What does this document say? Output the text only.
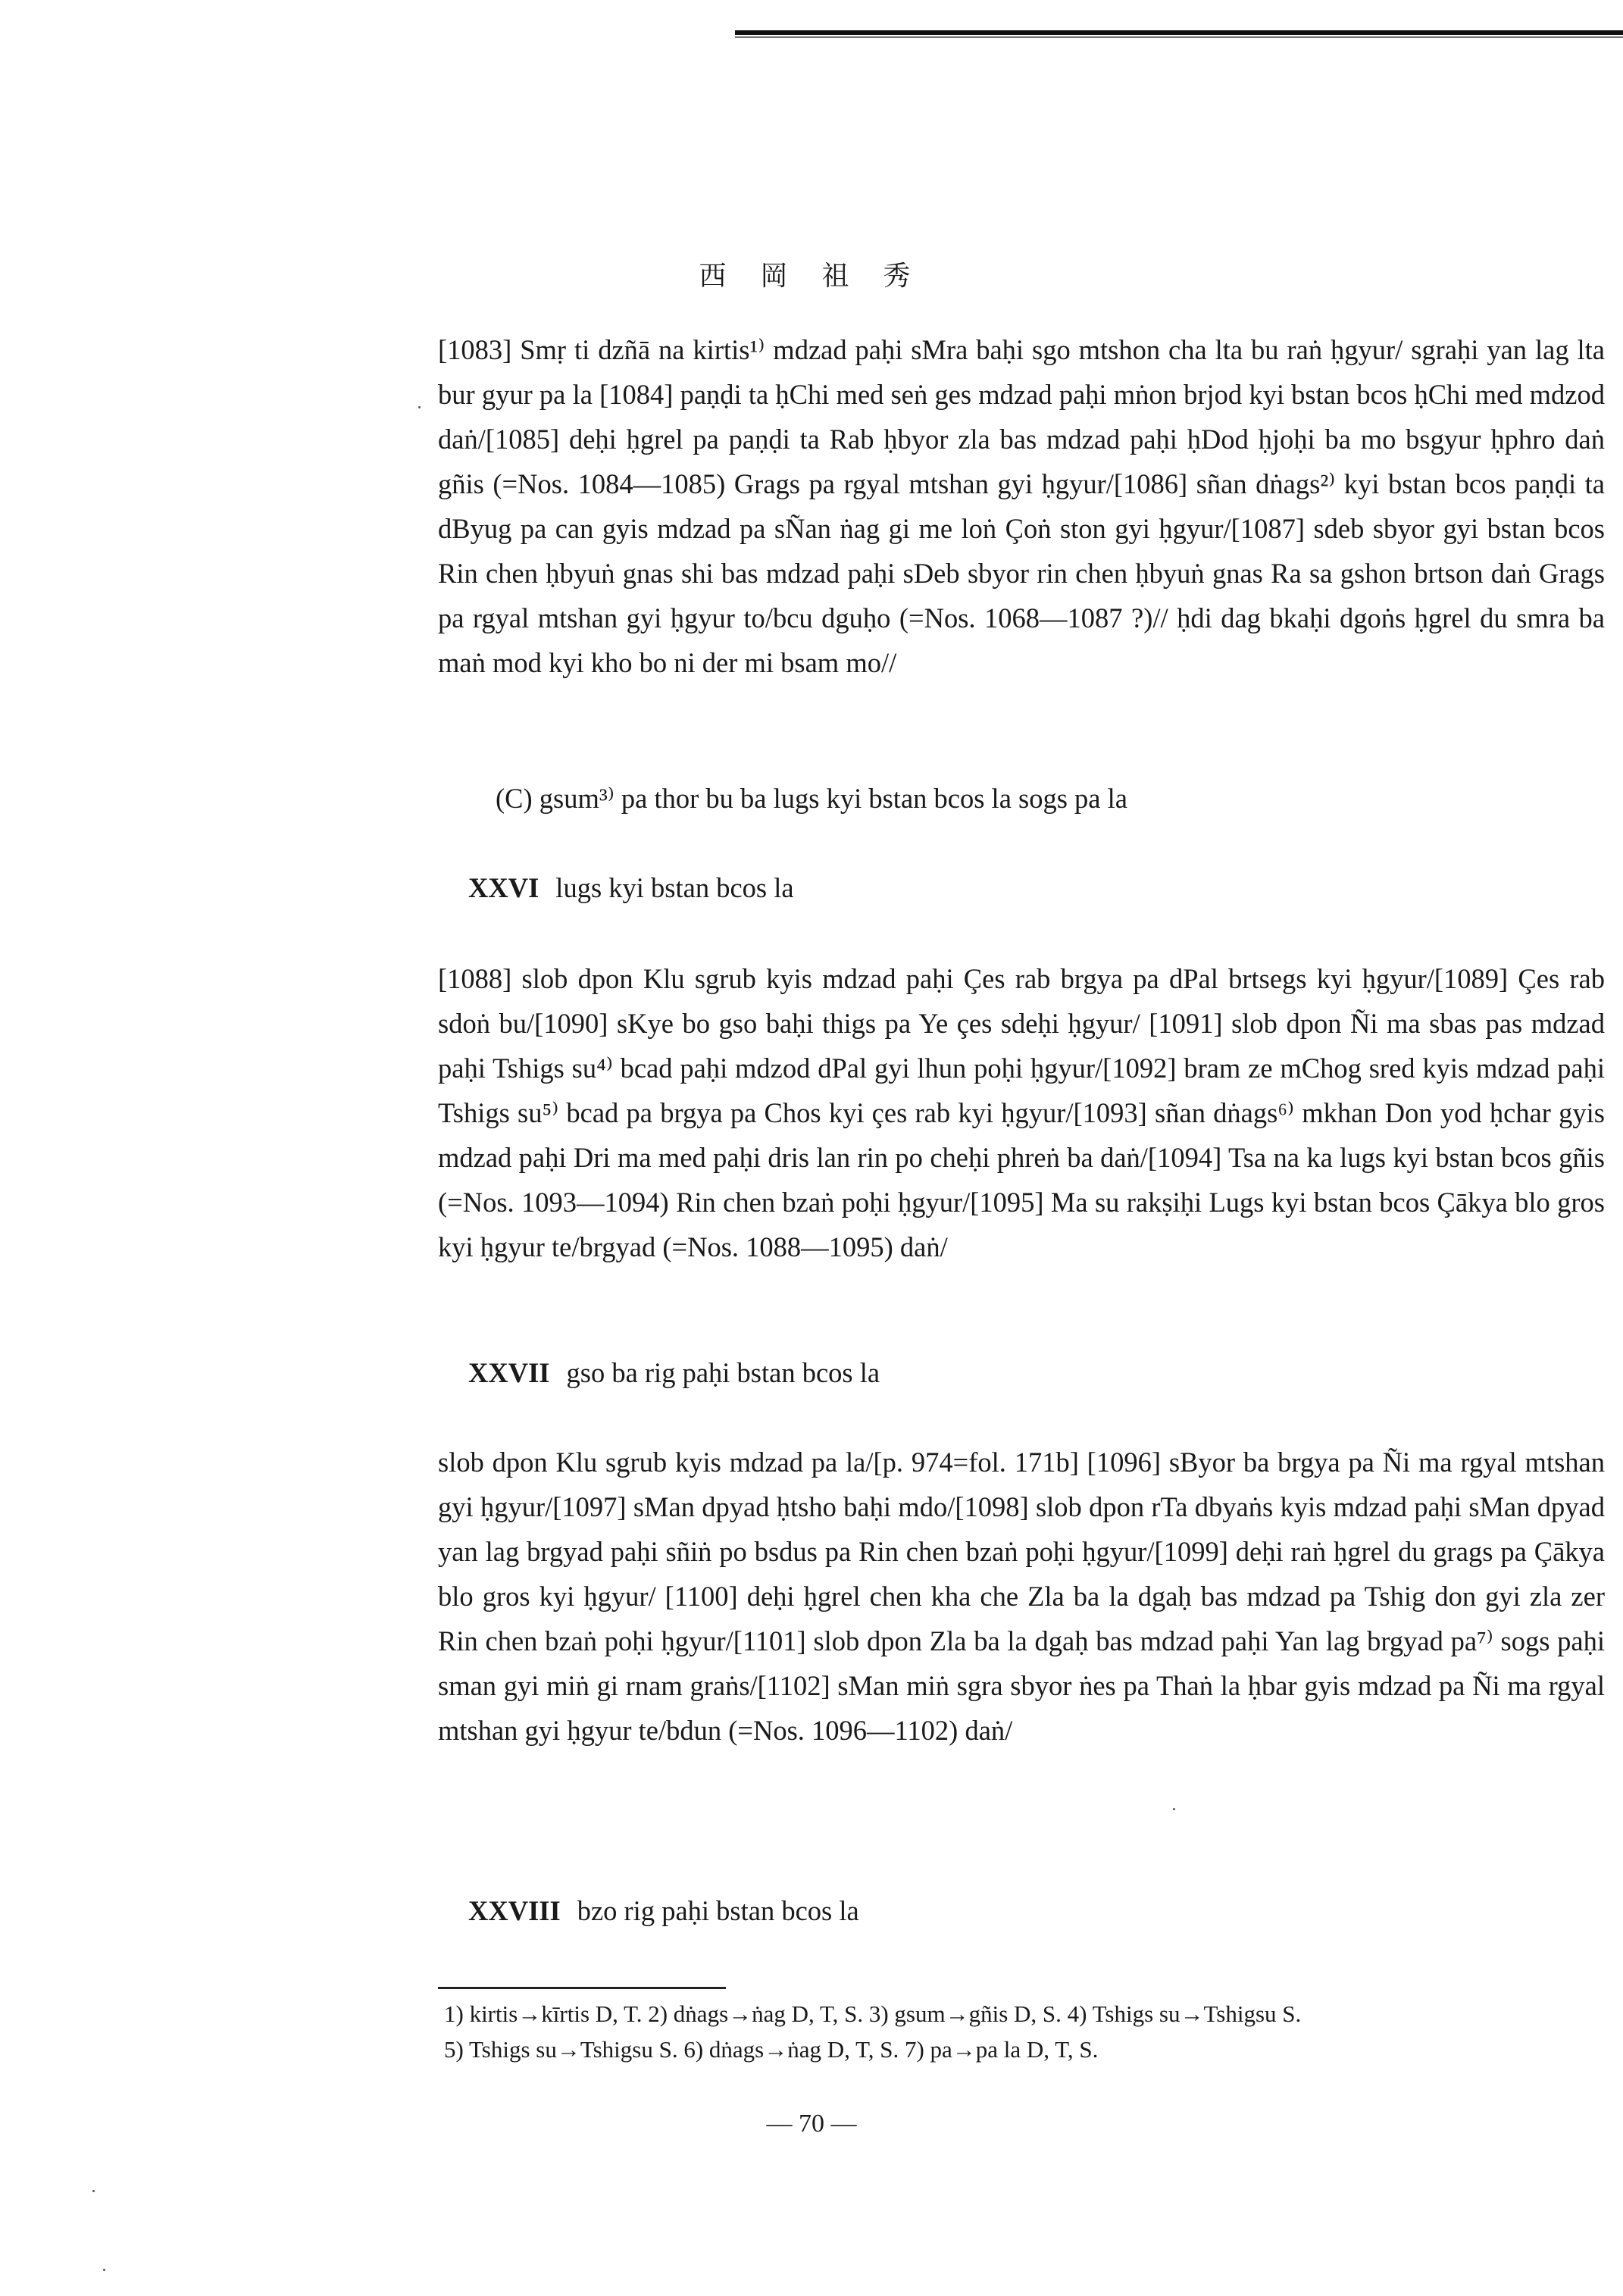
西 岡 祖 秀

[1083] Smṛ ti dzñā na kirtis¹⁾ mdzad paḥi sMra baḥi sgo mtshon cha lta bu raṅ ḥgyur/ sgraḥi yan lag lta bur gyur pa la [1084] paṇḍi ta ḥChi med seṅ ges mdzad paḥi mṅon brjod kyi bstan bcos ḥChi med mdzod daṅ/[1085] deḥi ḥgrel pa paṇḍi ta Rab ḥbyor zla bas mdzad paḥi ḥDod ḥjoḥi ba mo bsgyur ḥphro daṅ gñis (=Nos. 1084—1085) Grags pa rgyal mtshan gyi ḥgyur/[1086] sñan dṅags²⁾ kyi bstan bcos paṇḍi ta dByug pa can gyis mdzad pa sÑan ṅag gi me loṅ Çoṅ ston gyi ḥgyur/[1087] sdeb sbyor gyi bstan bcos Rin chen ḥbyuṅ gnas shi bas mdzad paḥi sDeb sbyor rin chen ḥbyuṅ gnas Ra sa gshon brtson daṅ Grags pa rgyal mtshan gyi ḥgyur to/bcu dguḥo (=Nos. 1068—1087 ?)// ḥdi dag bkaḥi dgoṅs ḥgrel du smra ba maṅ mod kyi kho bo ni der mi bsam mo//

(C) gsum³⁾ pa thor bu ba lugs kyi bstan bcos la sogs pa la
XXVI lugs kyi bstan bcos la

[1088] slob dpon Klu sgrub kyis mdzad paḥi Çes rab brgya pa dPal brtsegs kyi ḥgyur/[1089] Çes rab sdoṅ bu/[1090] sKye bo gso baḥi thigs pa Ye çes sdeḥi ḥgyur/ [1091] slob dpon Ñi ma sbas pas mdzad paḥi Tshigs su⁴⁾ bcad paḥi mdzod dPal gyi lhun poḥi ḥgyur/[1092] bram ze mChog sred kyis mdzad paḥi Tshigs su⁵⁾ bcad pa brgya pa Chos kyi çes rab kyi ḥgyur/[1093] sñan dṅags⁶⁾ mkhan Don yod ḥchar gyis mdzad paḥi Dri ma med paḥi dris lan rin po cheḥi phreṅ ba daṅ/[1094] Tsa na ka lugs kyi bstan bcos gñis (=Nos. 1093—1094) Rin chen bzaṅ poḥi ḥgyur/[1095] Ma su rakṣiḥi Lugs kyi bstan bcos Çākya blo gros kyi ḥgyur te/brgyad (=Nos. 1088—1095) daṅ/

XXVII gso ba rig paḥi bstan bcos la

slob dpon Klu sgrub kyis mdzad pa la/[p. 974=fol. 171b] [1096] sByor ba brgya pa Ñi ma rgyal mtshan gyi ḥgyur/[1097] sMan dpyad ḥtsho baḥi mdo/[1098] slob dpon rTa dbyaṅs kyis mdzad paḥi sMan dpyad yan lag brgyad paḥi sñiṅ po bsdus pa Rin chen bzaṅ poḥi ḥgyur/[1099] deḥi raṅ ḥgrel du grags pa Çākya blo gros kyi ḥgyur/ [1100] deḥi ḥgrel chen kha che Zla ba la dgaḥ bas mdzad pa Tshig don gyi zla zer Rin chen bzaṅ poḥi ḥgyur/[1101] slob dpon Zla ba la dgaḥ bas mdzad paḥi Yan lag brgyad pa⁷⁾ sogs paḥi sman gyi miṅ gi rnam graṅs/[1102] sMan miṅ sgra sbyor ṅes pa Thaṅ la ḥbar gyis mdzad pa Ñi ma rgyal mtshan gyi ḥgyur te/bdun (=Nos. 1096—1102) daṅ/

XXVIII bzo rig paḥi bstan bcos la

1) kirtis→kīrtis D, T. 2) dṅags→ṅag D, T, S. 3) gsum→gñis D, S. 4) Tshigs su→Tshigsu S.

5) Tshigs su→Tshigsu S. 6) dṅags→ṅag D, T, S. 7) pa→pa la D, T, S.

— 70 —
